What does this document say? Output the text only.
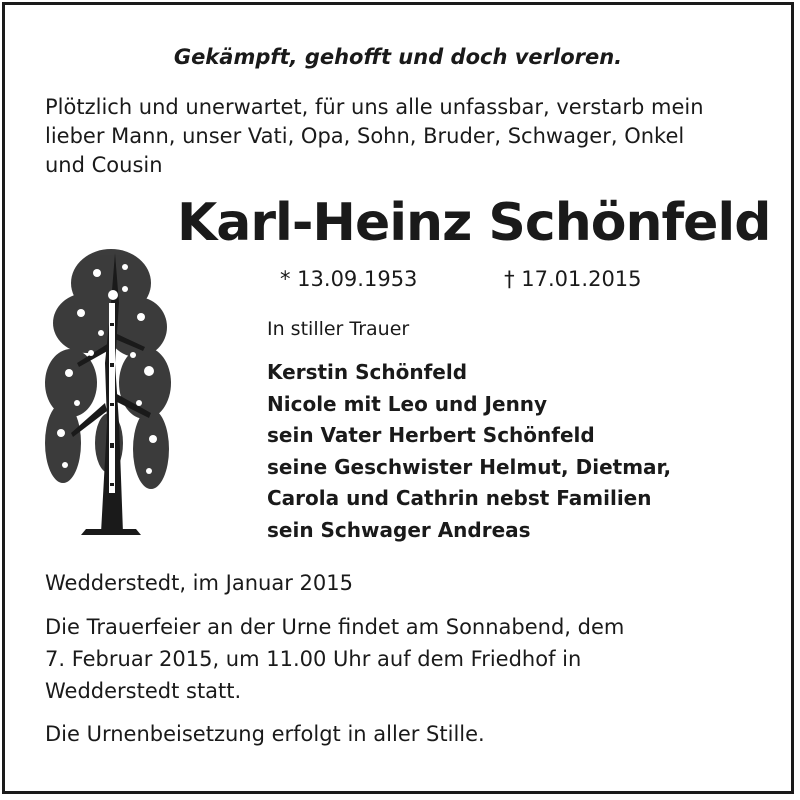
Gekämpft, gehofft und doch verloren.
Plötzlich und unerwartet, für uns alle unfassbar, verstarb mein
lieber Mann, unser Vati, Opa, Sohn, Bruder, Schwager, Onkel
und Cousin
Karl-Heinz Schönfeld
* 13.09.1953	† 17.01.2015
In stiller Trauer
Kerstin Schönfeld
Nicole mit Leo und Jenny
sein Vater Herbert Schönfeld
seine Geschwister Helmut, Dietmar,
Carola und Cathrin nebst Familien
sein Schwager Andreas
Wedderstedt, im Januar 2015
Die Trauerfeier an der Urne findet am Sonnabend, dem
7. Februar 2015, um 11.00 Uhr auf dem Friedhof in
Wedderstedt statt.
Die Urnenbeisetzung erfolgt in aller Stille.
